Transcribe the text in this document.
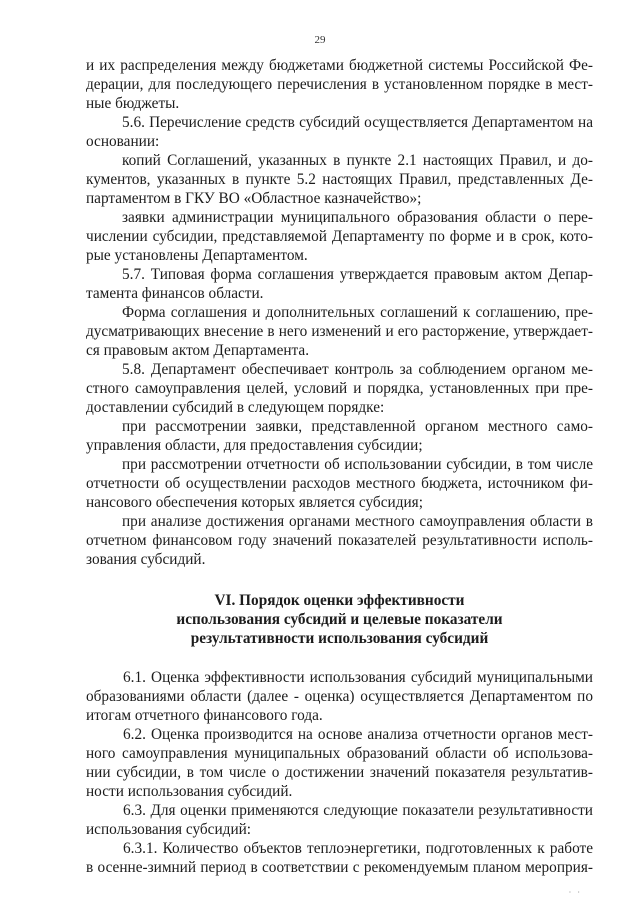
29
и их распределения между бюджетами бюджетной системы Российской Фе-
дерации, для последующего перечисления в установленном порядке в мест-
ные бюджеты.
5.6. Перечисление средств субсидий осуществляется Департаментом на
основании:
копий Соглашений, указанных в пункте 2.1 настоящих Правил, и до-
кументов, указанных в пункте 5.2 настоящих Правил, представленных Де-
партаментом в ГКУ ВО «Областное казначейство»;
заявки администрации муниципального образования области о пере-
числении субсидии, представляемой Департаменту по форме и в срок, кото-
рые установлены Департаментом.
5.7. Типовая форма соглашения утверждается правовым актом Депар-
тамента финансов области.
Форма соглашения и дополнительных соглашений к соглашению, пре-
дусматривающих внесение в него изменений и его расторжение, утверждает-
ся правовым актом Департамента.
5.8. Департамент обеспечивает контроль за соблюдением органом ме-
стного самоуправления целей, условий и порядка, установленных при пре-
доставлении субсидий в следующем порядке:
при рассмотрении заявки, представленной органом местного само-
управления области, для предоставления субсидии;
при рассмотрении отчетности об использовании субсидии, в том числе
отчетности об осуществлении расходов местного бюджета, источником фи-
нансового обеспечения которых является субсидия;
при анализе достижения органами местного самоуправления области в
отчетном финансовом году значений показателей результативности исполь-
зования субсидий.
VI. Порядок оценки эффективности
использования субсидий и целевые показатели
результативности использования субсидий
6.1. Оценка эффективности использования субсидий муниципальными
образованиями области (далее - оценка) осуществляется Департаментом по
итогам отчетного финансового года.
6.2. Оценка производится на основе анализа отчетности органов мест-
ного самоуправления муниципальных образований области об использова-
нии субсидии, в том числе о достижении значений показателя результатив-
ности использования субсидий.
6.3. Для оценки применяются следующие показатели результативности
использования субсидий:
6.3.1. Количество объектов теплоэнергетики, подготовленных к работе
в осенне-зимний период в соответствии с рекомендуемым планом мероприя-
· ·
